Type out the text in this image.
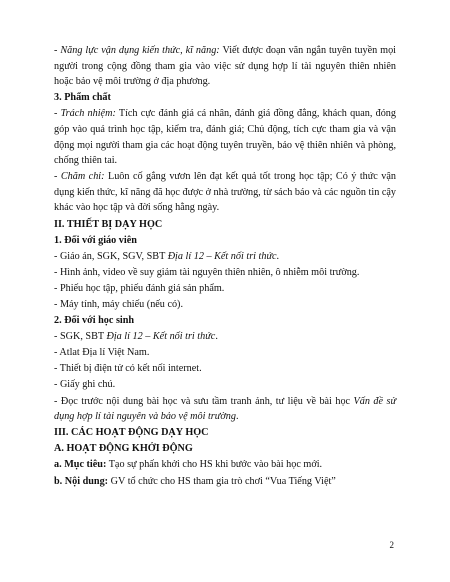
- Năng lực vận dụng kiến thức, kĩ năng: Viết được đoạn văn ngắn tuyên tuyền mọi người trong cộng đồng tham gia vào việc sử dụng hợp lí tài nguyên thiên nhiên hoặc bảo vệ môi trường ở địa phương.
3. Phẩm chất
- Trách nhiệm: Tích cực đánh giá cá nhân, đánh giá đồng đẳng, khách quan, đóng góp vào quá trình học tập, kiểm tra, đánh giá; Chủ động, tích cực tham gia và vận động mọi người tham gia các hoạt động tuyên truyền, bảo vệ thiên nhiên và phòng, chống thiên tai.
- Chăm chỉ: Luôn cố gắng vươn lên đạt kết quả tốt trong học tập; Có ý thức vận dụng kiến thức, kĩ năng đã học được ở nhà trường, từ sách báo và các nguồn tin cậy khác vào học tập và đời sống hằng ngày.
II. THIẾT BỊ DẠY HỌC
1. Đối với giáo viên
- Giáo án, SGK, SGV, SBT Địa lí 12 – Kết nối tri thức.
- Hình ảnh, video về suy giảm tài nguyên thiên nhiên, ô nhiễm môi trường.
- Phiếu học tập, phiếu đánh giá sản phẩm.
- Máy tính, máy chiếu (nếu có).
2. Đối với học sinh
- SGK, SBT Địa lí 12 – Kết nối tri thức.
- Atlat Địa lí Việt Nam.
- Thiết bị điện tử có kết nối internet.
- Giấy ghi chú.
- Đọc trước nội dung bài học và sưu tầm tranh ảnh, tư liệu về bài học Vấn đề sử dụng hợp lí tài nguyên và bảo vệ môi trường.
III. CÁC HOẠT ĐỘNG DẠY HỌC
A. HOẠT ĐỘNG KHỞI ĐỘNG
a. Mục tiêu: Tạo sự phấn khởi cho HS khi bước vào bài học mới.
b. Nội dung: GV tổ chức cho HS tham gia trò chơi “Vua Tiếng Việt”
2
